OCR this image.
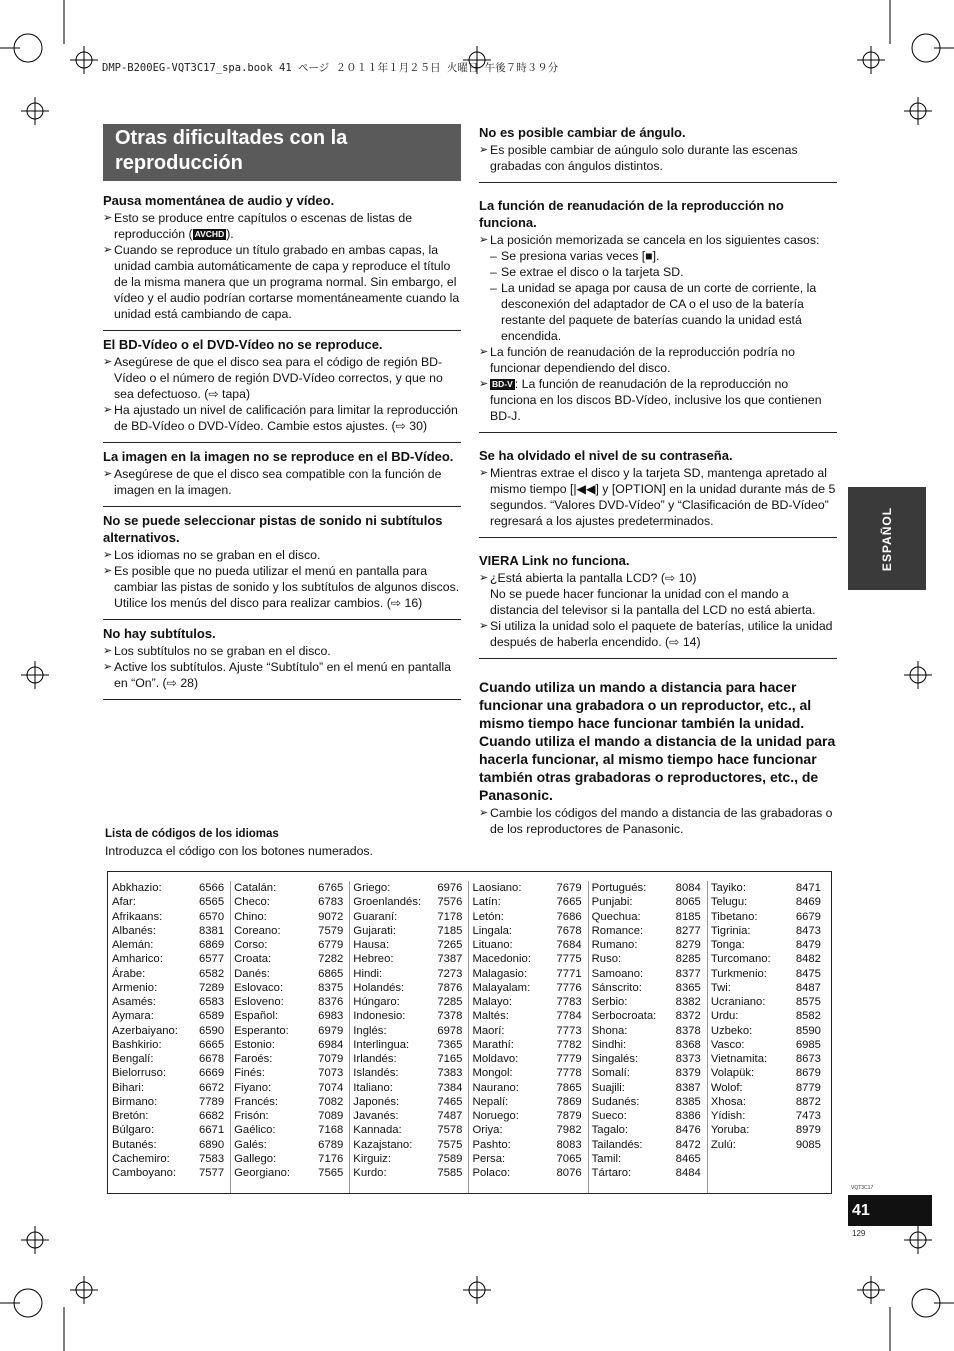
DMP-B200EG-VQT3C17_spa.book 41 ページ ２０１１年１月２５日 火曜日 午後７時３９分
Otras dificultades con la reproducción
Pausa momentánea de audio y vídeo.
➢ Esto se produce entre capítulos o escenas de listas de reproducción ( AVCHD ).
➢ Cuando se reproduce un título grabado en ambas capas, la unidad cambia automáticamente de capa y reproduce el título de la misma manera que un programa normal. Sin embargo, el vídeo y el audio podrían cortarse momentáneamente cuando la unidad está cambiando de capa.
El BD-Vídeo o el DVD-Vídeo no se reproduce.
➢ Asegúrese de que el disco sea para el código de región BD-Vídeo o el número de región DVD-Vídeo correctos, y que no sea defectuoso. (⇨ tapa)
➢ Ha ajustado un nivel de calificación para limitar la reproducción de BD-Vídeo o DVD-Vídeo. Cambie estos ajustes. (⇨ 30)
La imagen en la imagen no se reproduce en el BD-Vídeo.
➢ Asegúrese de que el disco sea compatible con la función de imagen en la imagen.
No se puede seleccionar pistas de sonido ni subtítulos alternativos.
➢ Los idiomas no se graban en el disco.
➢ Es posible que no pueda utilizar el menú en pantalla para cambiar las pistas de sonido y los subtítulos de algunos discos. Utilice los menús del disco para realizar cambios. (⇨ 16)
No hay subtítulos.
➢ Los subtítulos no se graban en el disco.
➢ Active los subtítulos. Ajuste “Subtítulo” en el menú en pantalla en “On”. (⇨ 28)
No es posible cambiar de ángulo.
➢ Es posible cambiar de aúngulo solo durante las escenas grabadas con ángulos distintos.
La función de reanudación de la reproducción no funciona.
➢ La posición memorizada se cancela en los siguientes casos:
– Se presiona varias veces [■].
– Se extrae el disco o la tarjeta SD.
– La unidad se apaga por causa de un corte de corriente, la desconexión del adaptador de CA o el uso de la batería restante del paquete de baterías cuando la unidad está encendida.
➢ La función de reanudación de la reproducción podría no funcionar dependiendo del disco.
➢ BD-V : La función de reanudación de la reproducción no funciona en los discos BD-Vídeo, inclusive los que contienen BD-J.
Se ha olvidado el nivel de su contraseña.
➢ Mientras extrae el disco y la tarjeta SD, mantenga apretado al mismo tiempo [|◀◀] y [OPTION] en la unidad durante más de 5 segundos. “Valores DVD-Vídeo” y “Clasificación de BD-Vídeo” regresará a los ajustes predeterminados.
VIERA Link no funciona.
➢ ¿Está abierta la pantalla LCD? (⇨ 10)
No se puede hacer funcionar la unidad con el mando a distancia del televisor si la pantalla del LCD no está abierta.
➢ Si utiliza la unidad solo el paquete de baterías, utilice la unidad después de haberla encendido. (⇨ 14)
Cuando utiliza un mando a distancia para hacer funcionar una grabadora o un reproductor, etc., al mismo tiempo hace funcionar también la unidad. Cuando utiliza el mando a distancia de la unidad para hacerla funcionar, al mismo tiempo hace funcionar también otras grabadoras o reproductores, etc., de Panasonic.
➢ Cambie los códigos del mando a distancia de las grabadoras o de los reproductores de Panasonic.
Lista de códigos de los idiomas
Introduzca el código con los botones numerados.
Abkhazio:	6566
Afar:	6565
Afrikaans:	6570
Albanés:	8381
Alemán:	6869
Amharico:	6577
Árabe:	6582
Armenio:	7289
Asamés:	6583
Aymara:	6589
Azerbaiyano: 6590
Bashkirio:	6665
Bengalí:	6678
Bielorruso:	6669
Bihari:	6672
Birmano:	7789
Bretón:	6682
Búlgaro:	6671
Butanés:	6890
Cachemiro:	7583
Camboyano: 7577
Catalán:	6765
Checo:	6783
Chino:	9072
Coreano:	7579
Corso:	6779
Croata:	7282
Danés:	6865
Eslovaco:	8375
Esloveno:	8376
Español:	6983
Esperanto:	6979
Estonio:	6984
Faroés:	7079
Finés:	7073
Fiyano:	7074
Francés:	7082
Frisón:	7089
Gaélico:	7168
Galés:	6789
Gallego:	7176
Georgiano: 7565
Griego:	6976
Groenlandés: 7576
Guaraní:	7178
Gujarati:	7185
Hausa:	7265
Hebreo:	7387
Hindi:	7273
Holandés:	7876
Húngaro:	7285
Indonesio:	7378
Inglés:	6978
Interlingua: 7365
Irlandés:	7165
Islandés:	7383
Italiano:	7384
Japonés:	7465
Javanés:	7487
Kannada:	7578
Kazajstano: 7575
Kirguiz:	7589
Kurdo:	7585
Laosiano:	7679
Latín:	7665
Letón:	7686
Lingala:	7678
Lituano:	7684
Macedonio: 7775
Malagasio:	7771
Malayalam: 7776
Malayo:	7783
Maltés:	7784
Maorí:	7773
Marathí:	7782
Moldavo:	7779
Mongol:	7778
Naurano:	7865
Nepalí:	7869
Noruego:	7879
Oriya:	7982
Pashto:	8083
Persa:	7065
Polaco:	8076
Portugués:	8084
Punjabi:	8065
Quechua:	8185
Romance:	8277
Rumano:	8279
Ruso:	8285
Samoano:	8377
Sánscrito:	8365
Serbio:	8382
Serbocroata: 8372
Shona:	8378
Sindhi:	8368
Singalés:	8373
Somalí:	8379
Suajili:	8387
Sudanés:	8385
Sueco:	8386
Tagalo:	8476
Tailandés:	8472
Tamil:	8465
Tártaro:	8484
Tayiko:	8471
Telugu:	8469
Tibetano:	6679
Tigrinia:	8473
Tonga:	8479
Turcomano: 8482
Turkmenio:	8475
Twi:	8487
Ucraniano:	8575
Urdu:	8582
Uzbeko:	8590
Vasco:	6985
Vietnamita:	8673
Volapük:	8679
Wolof:	8779
Xhosa:	8872
Yídish:	7473
Yoruba:	8979
Zulú:	9085
ESPAÑOL
VQT3C17
41
129
